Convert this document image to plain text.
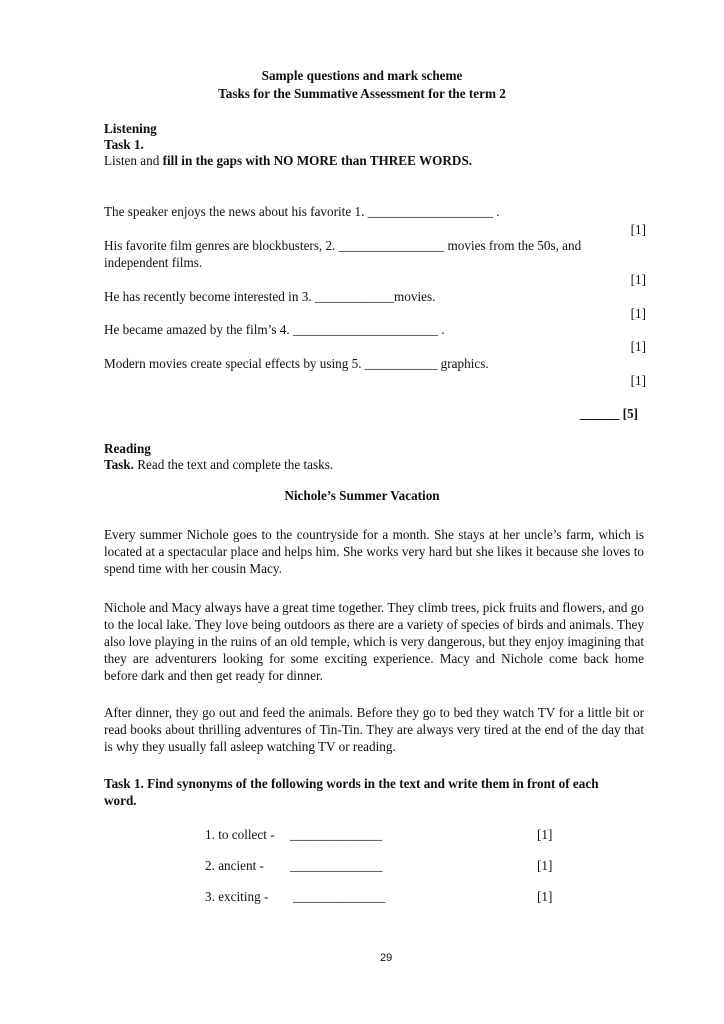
Sample questions and mark scheme
Tasks for the Summative Assessment for the term 2
Listening
Task 1.
Listen and fill in the gaps with NO MORE than THREE WORDS.
The speaker enjoys the news about his favorite 1. ___________________ .
[1]
His favorite film genres are blockbusters, 2. ________________ movies from the 50s, and
independent films.
[1]
He has recently become interested in 3. ____________movies.
[1]
He became amazed by the film’s 4. ______________________ .
[1]
Modern movies create special effects by using 5. ___________ graphics.
[1]
______ [5]
Reading
Task. Read the text and complete the tasks.
Nichole’s Summer Vacation
Every summer Nichole goes to the countryside for a month. She stays at her uncle’s farm, which is located at a spectacular place and helps him. She works very hard but she likes it because she loves to spend time with her cousin Macy.
Nichole and Macy always have a great time together. They climb trees, pick fruits and flowers, and go to the local lake. They love being outdoors as there are a variety of species of birds and animals. They also love playing in the ruins of an old temple, which is very dangerous, but they enjoy imagining that they are adventurers looking for some exciting experience. Macy and Nichole come back home before dark and then get ready for dinner.
After dinner, they go out and feed the animals. Before they go to bed they watch TV for a little bit or read books about thrilling adventures of Tin-Tin. They are always very tired at the end of the day that is why they usually fall asleep watching TV or reading.
Task 1. Find synonyms of the following words in the text and write them in front of each
word.
1. to collect - ______________	[1]
2. ancient - ______________	[1]
3. exciting - ______________	[1]
29
